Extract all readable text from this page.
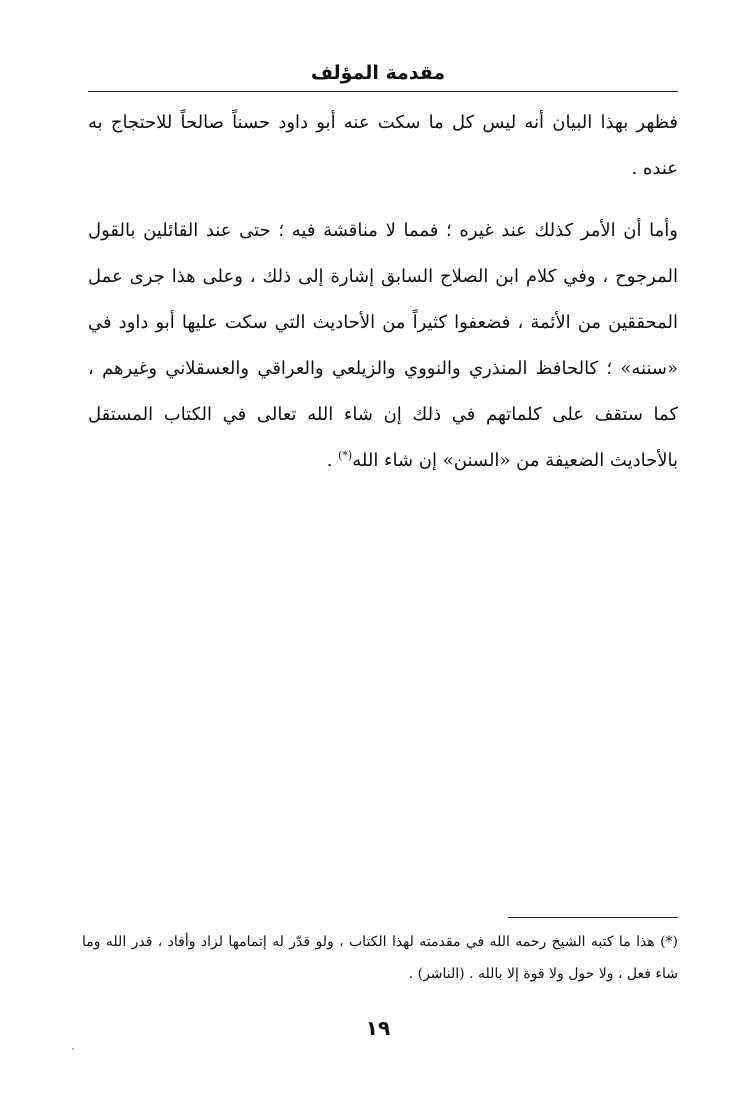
مقدمة المؤلف

فظهر بهذا البيان أنه ليس كل ما سكت عنه أبو داود حسناً صالحاً للاحتجاج به عنده .

وأما أن الأمر كذلك عند غيره ؛ فمما لا مناقشة فيه ؛ حتى عند القائلين بالقول المرجوح ، وفي كلام ابن الصلاح السابق إشارة إلى ذلك ، وعلى هذا جرى عمل المحققين من الأئمة ، فضعفوا كثيراً من الأحاديث التي سكت عليها أبو داود في «سننه» ؛ كالحافظ المنذري والنووي والزيلعي والعراقي والعسقلاني وغيرهم ، كما ستقف على كلماتهم في ذلك إن شاء الله تعالى في الكتاب المستقل بالأحاديث الضعيفة من «السنن» إن شاء الله(*) .

(*) هذا ما كتبه الشيخ رحمه الله في مقدمته لهذا الكتاب ، ولو قدّر له إتمامها لزاد وأفاد ، قدر الله وما شاء فعل ، ولا حول ولا قوة إلا بالله . (الناشر) .
١٩
